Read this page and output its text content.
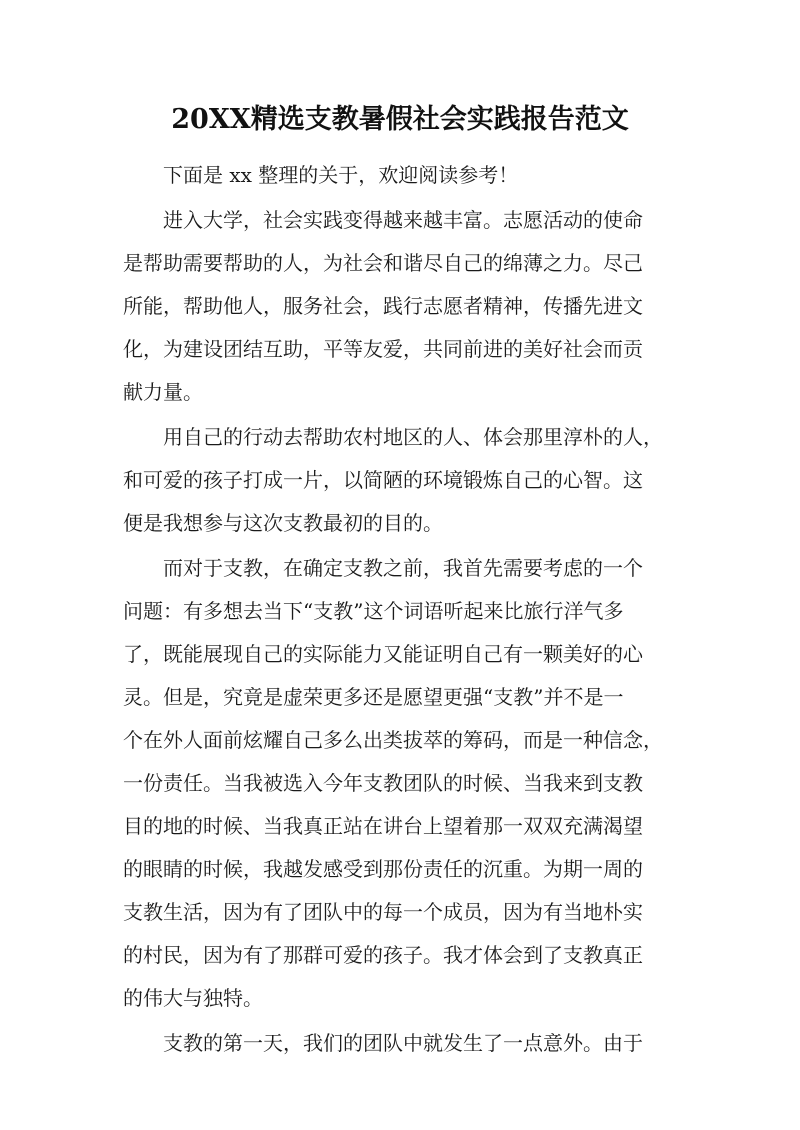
20XX精选支教暑假社会实践报告范文

下面是 xx 整理的关于，欢迎阅读参考！

进入大学，社会实践变得越来越丰富。志愿活动的使命
是帮助需要帮助的人，为社会和谐尽自己的绵薄之力。尽己
所能，帮助他人，服务社会，践行志愿者精神，传播先进文
化，为建设团结互助，平等友爱，共同前进的美好社会而贡
献力量。

用自己的行动去帮助农村地区的人、体会那里淳朴的人，
和可爱的孩子打成一片，以简陋的环境锻炼自己的心智。这
便是我想参与这次支教最初的目的。

而对于支教，在确定支教之前，我首先需要考虑的一个
问题：有多想去当下“支教”这个词语听起来比旅行洋气多
了，既能展现自己的实际能力又能证明自己有一颗美好的心
灵。但是，究竟是虚荣更多还是愿望更强“支教”并不是一
个在外人面前炫耀自己多么出类拔萃的筹码，而是一种信念，
一份责任。当我被选入今年支教团队的时候、当我来到支教
目的地的时候、当我真正站在讲台上望着那一双双充满渴望
的眼睛的时候，我越发感受到那份责任的沉重。为期一周的
支教生活，因为有了团队中的每一个成员，因为有当地朴实
的村民，因为有了那群可爱的孩子。我才体会到了支教真正
的伟大与独特。

支教的第一天，我们的团队中就发生了一点意外。由于
